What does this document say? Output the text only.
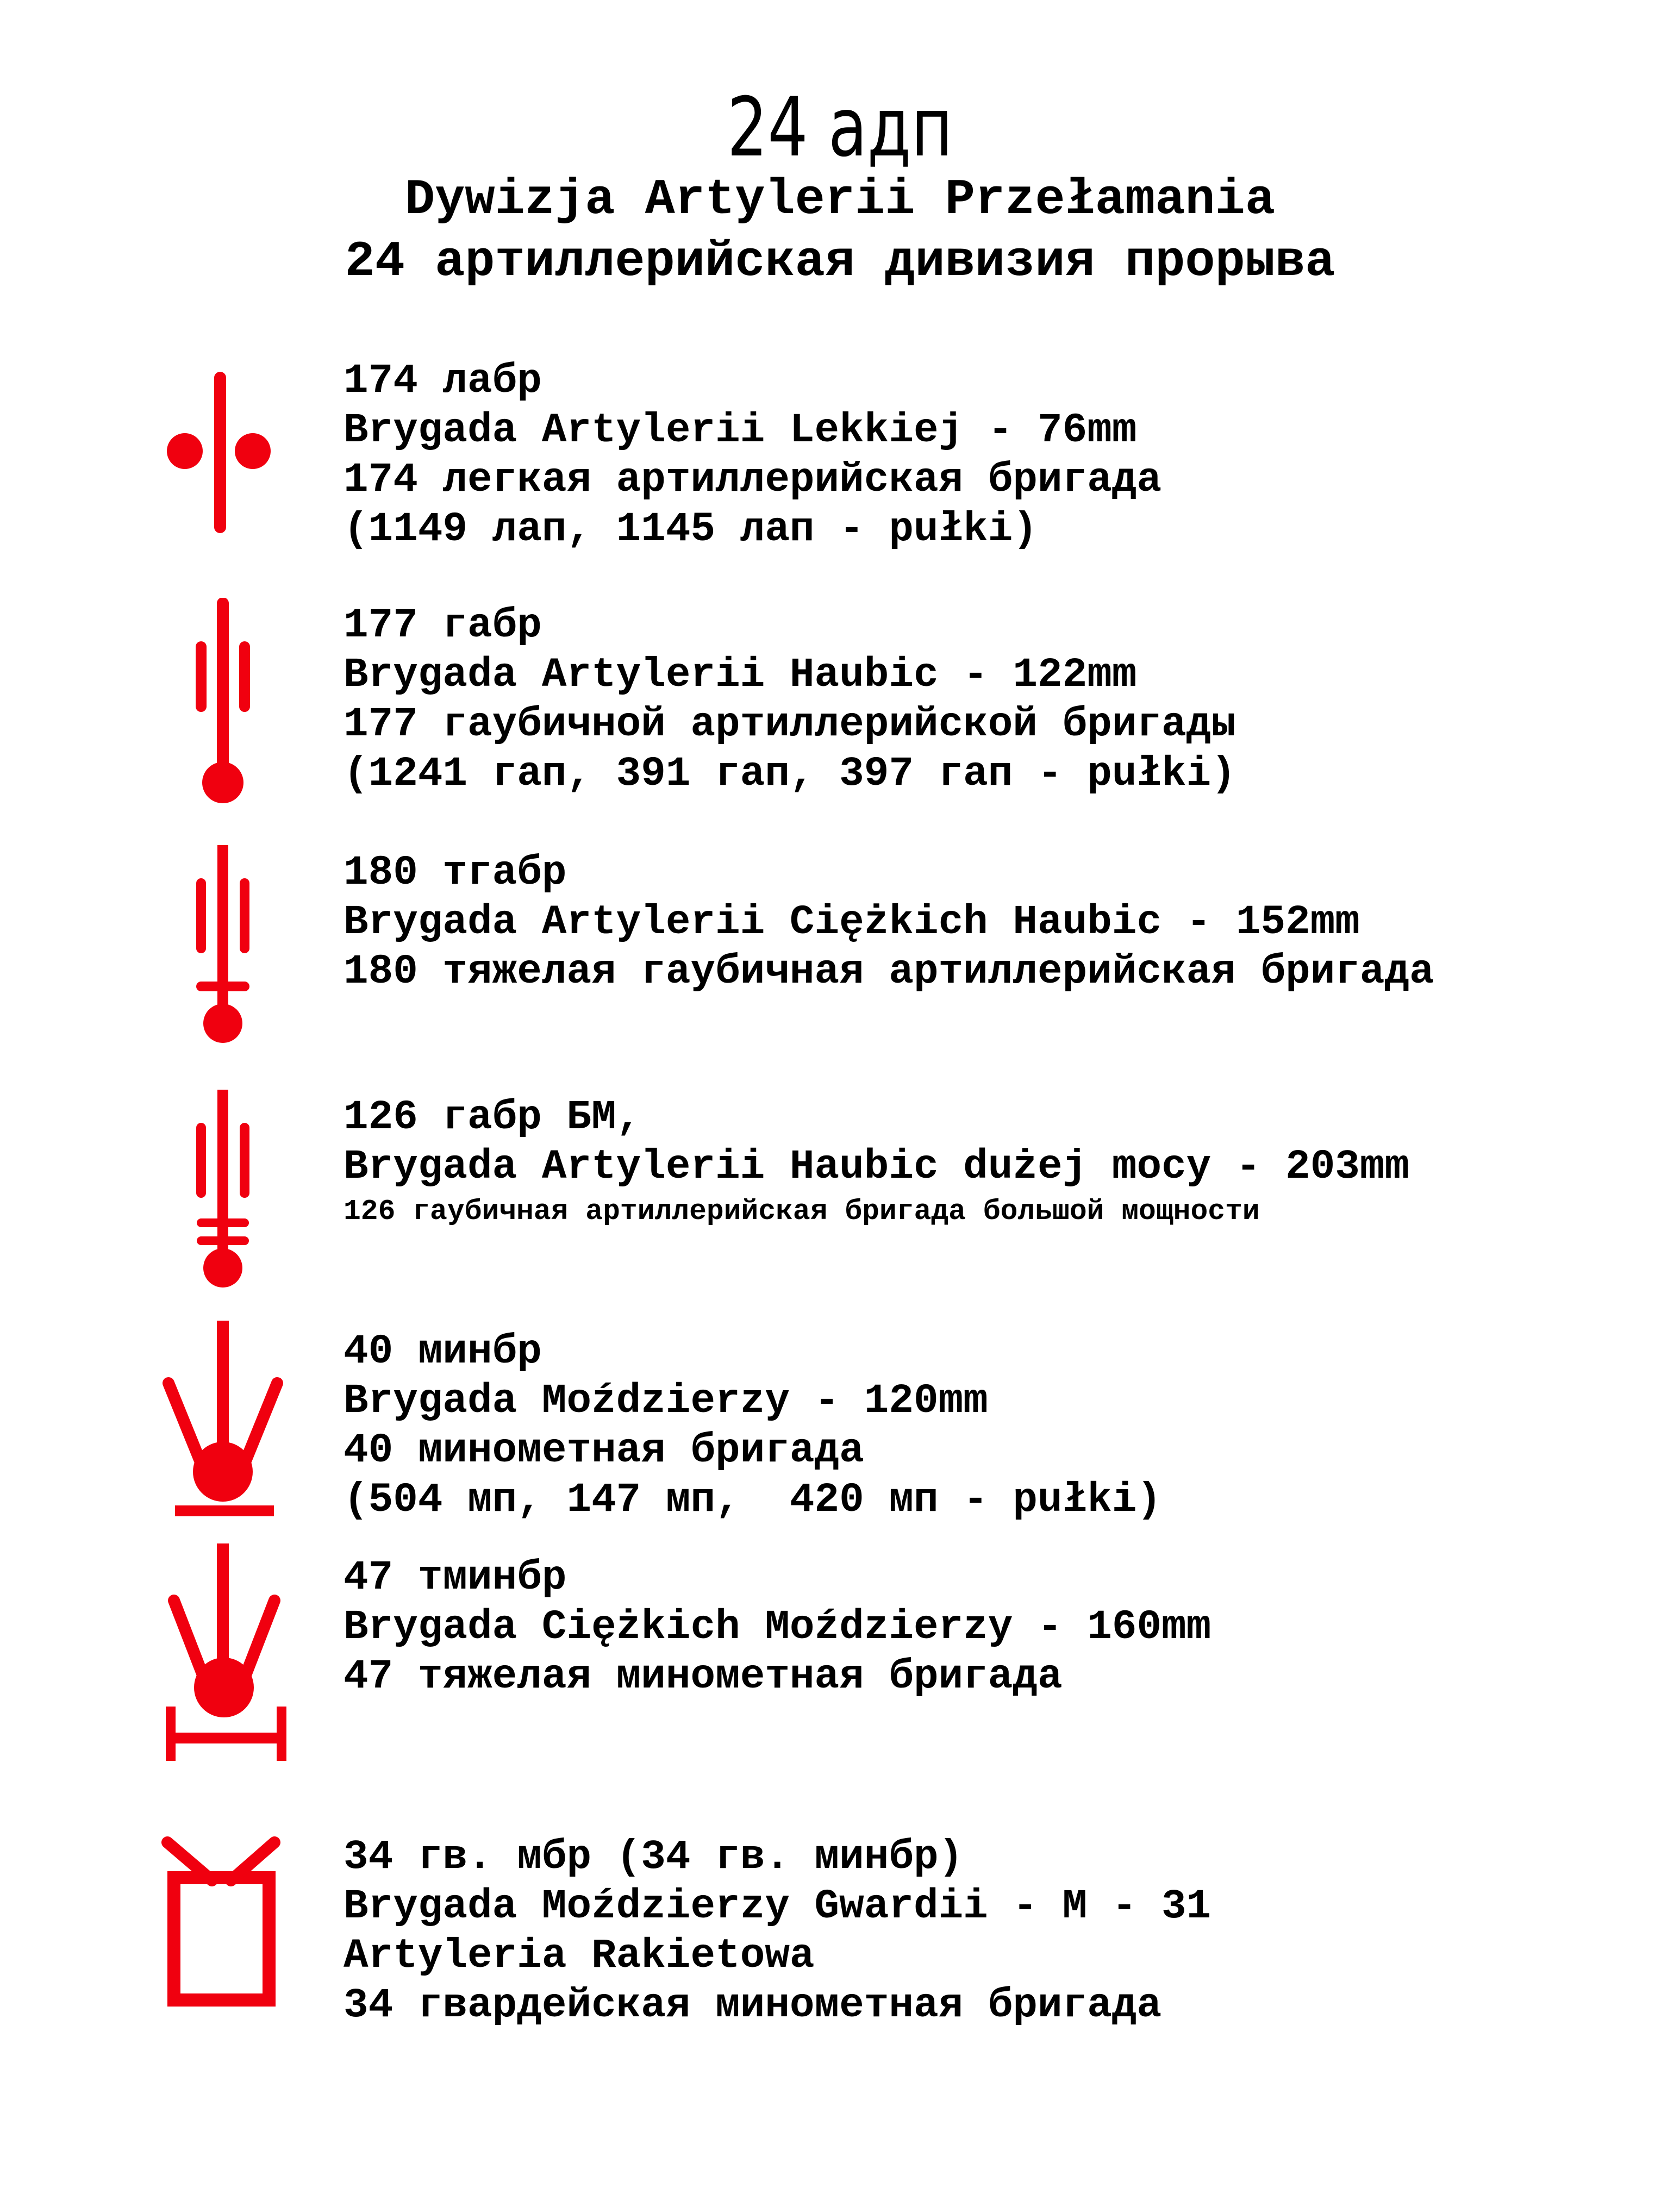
24 адп
Dywizja Artylerii Przełamania
24 артиллерийская дивизия прорыва
174 лабр
Brygada Artylerii Lekkiej - 76mm
174 легкая артиллерийская бригада
(1149 лап, 1145 лап - pułki)
177 габр
Brygada Artylerii Haubic - 122mm
177 гаубичной артиллерийской бригады
(1241 гап, 391 гап, 397 гап - pułki)
180 тгабр
Brygada Artylerii Ciężkich Haubic - 152mm
180 тяжелая гаубичная артиллерийская бригада
126 габр БМ,
Brygada Artylerii Haubic dużej mocy - 203mm
126 гаубичная артиллерийская бригада большой мощности
40 минбр
Brygada Moździerzy - 120mm
40 минометная бригада
(504 мп, 147 мп,  420 мп - pułki)
47 тминбр
Brygada Ciężkich Moździerzy - 160mm
47 тяжелая минометная бригада
34 гв. мбр (34 гв. минбр)
Brygada Moździerzy Gwardii - M - 31
Artyleria Rakietowa
34 гвардейская минометная бригада
